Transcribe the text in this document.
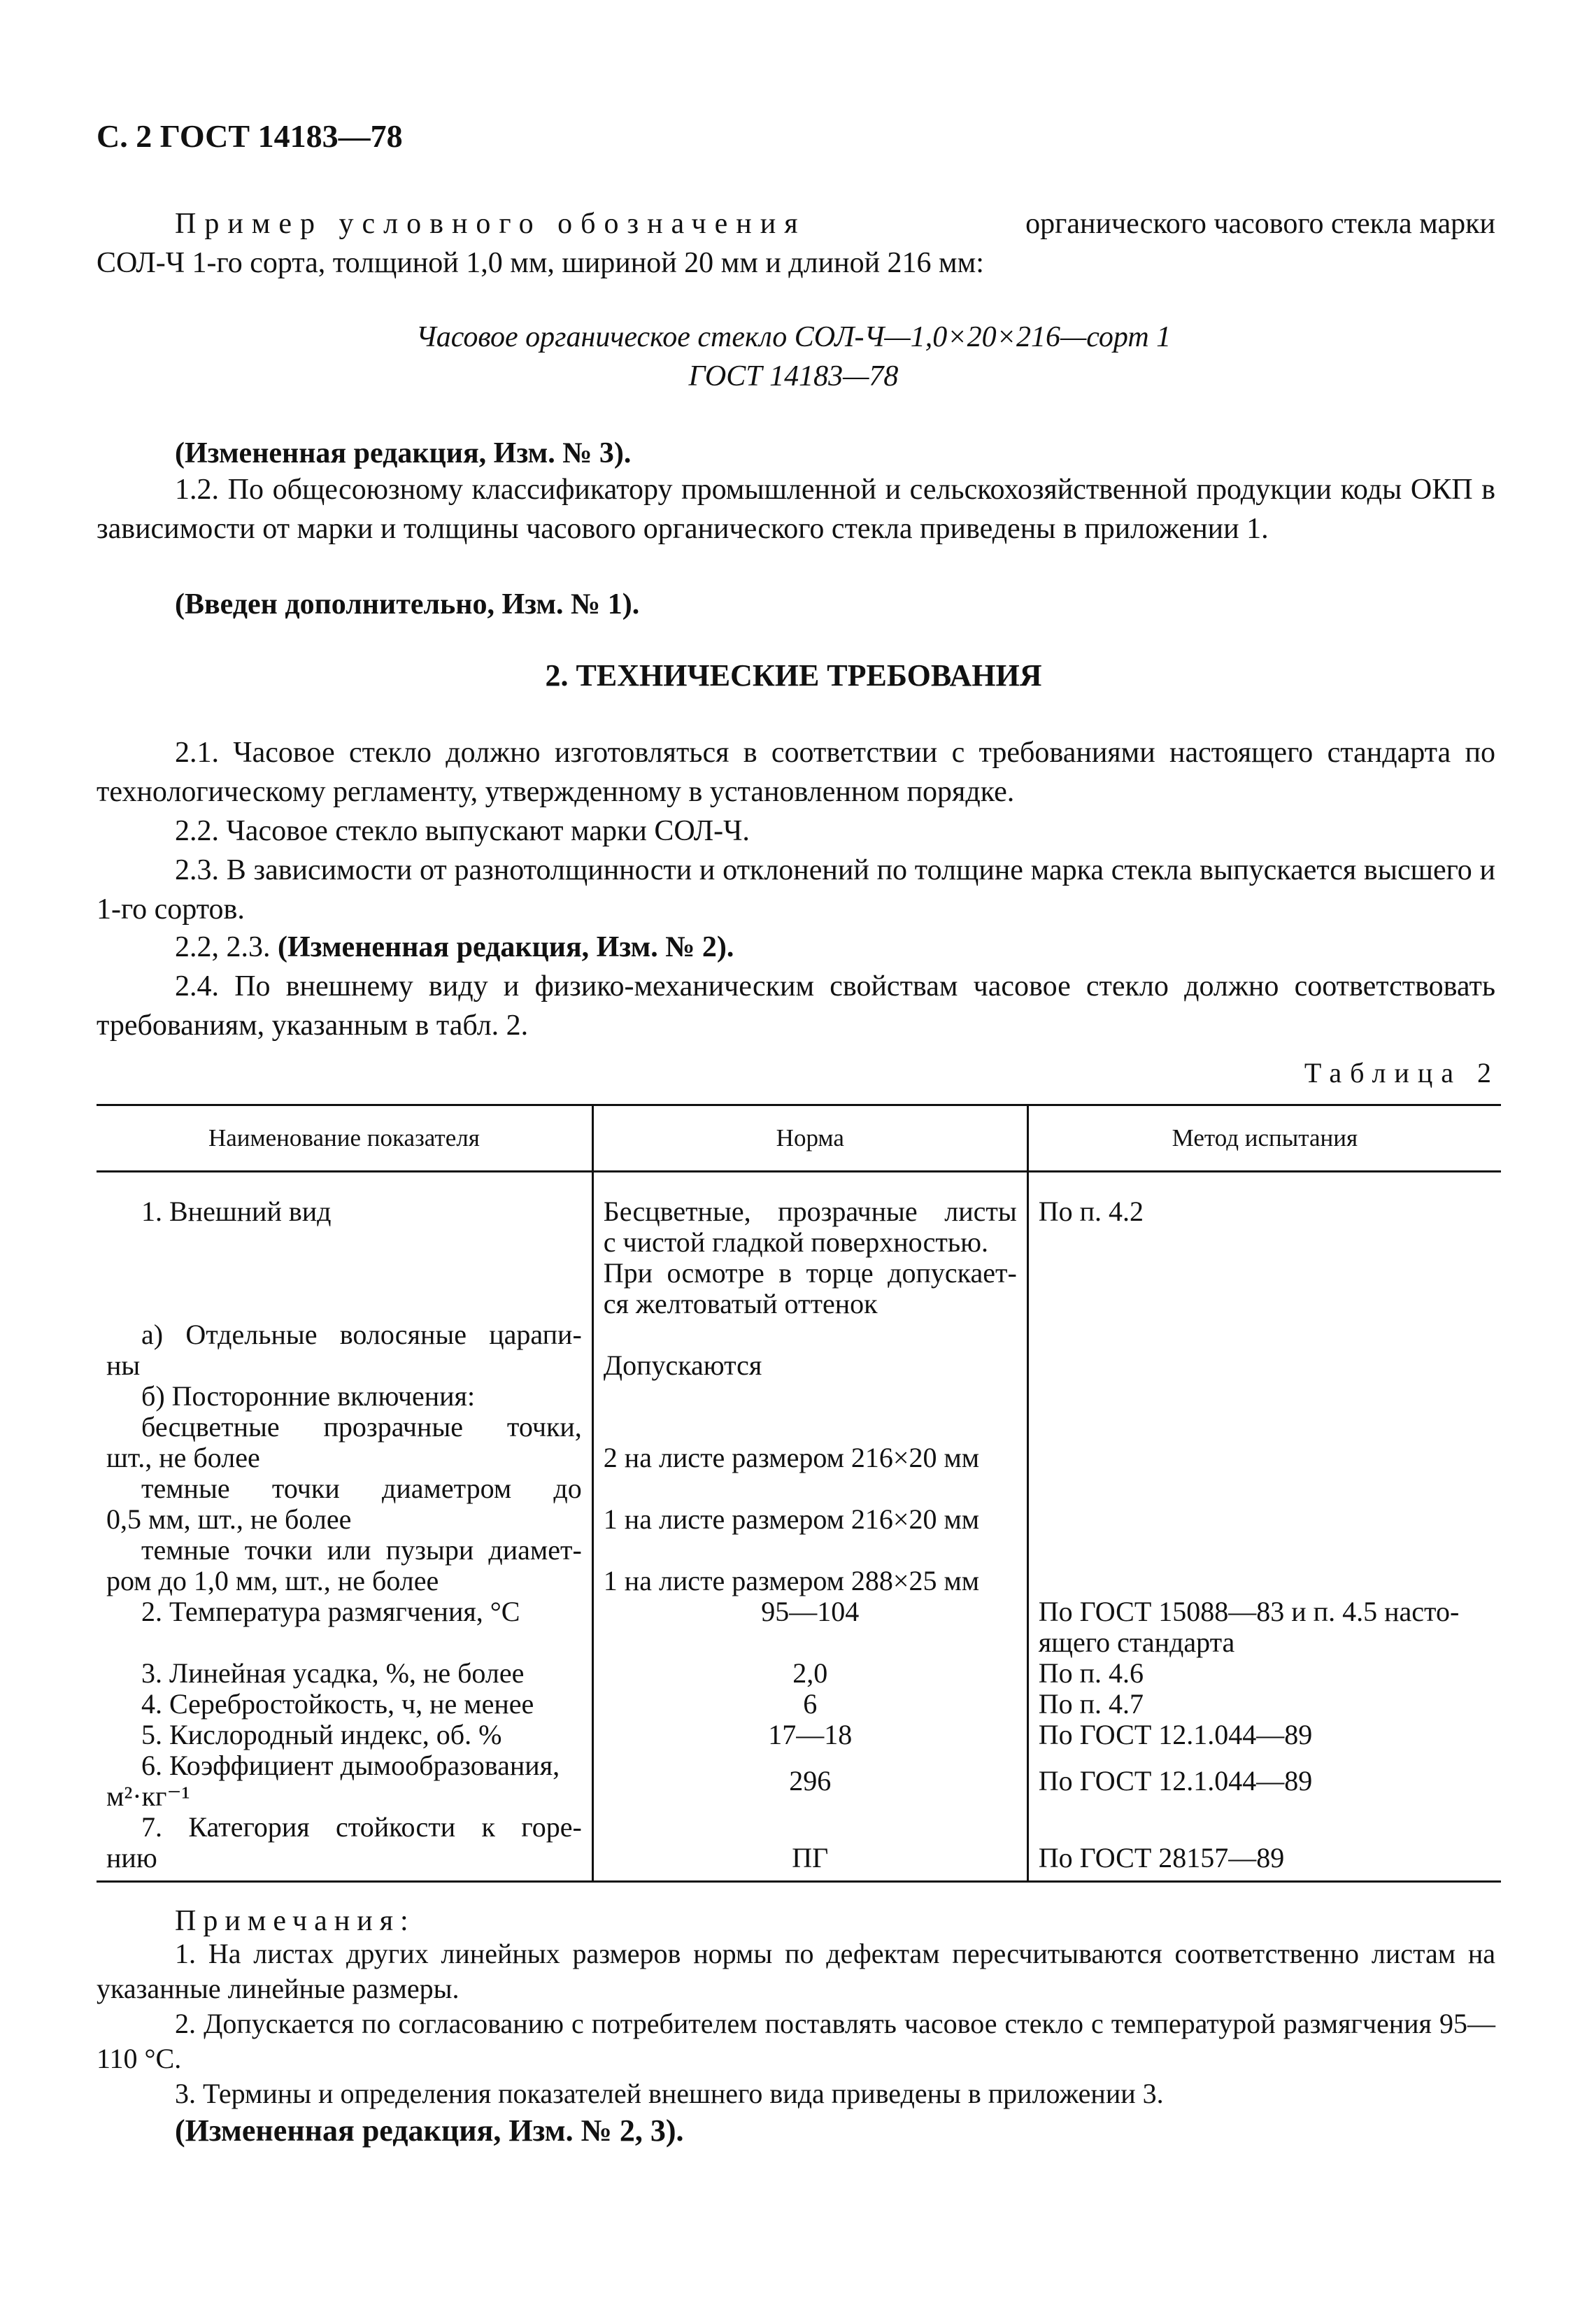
С. 2 ГОСТ 14183—78
Пример условного обозначения	органического часового стекла марки
СОЛ-Ч 1-го сорта, толщиной 1,0 мм, шириной 20 мм и длиной 216 мм:
Часовое органическое стекло СОЛ-Ч—1,0×20×216—сорт 1
ГОСТ 14183—78
(Измененная редакция, Изм. № 3).
1.2. По общесоюзному классификатору промышленной и сельскохозяйственной продукции коды ОКП в зависимости от марки и толщины часового органического стекла приведены в приложении 1.
(Введен дополнительно, Изм. № 1).
2. ТЕХНИЧЕСКИЕ ТРЕБОВАНИЯ
2.1. Часовое стекло должно изготовляться в соответствии с требованиями настоящего стандарта по технологическому регламенту, утвержденному в установленном порядке.
2.2. Часовое стекло выпускают марки СОЛ-Ч.
2.3. В зависимости от разнотолщинности и отклонений по толщине марка стекла выпускается высшего и 1-го сортов.
2.2, 2.3. (Измененная редакция, Изм. № 2).
2.4. По внешнему виду и физико-механическим свойствам часовое стекло должно соответствовать требованиям, указанным в табл. 2.
Таблица 2
Наименование показателя	Норма	Метод испытания

1. Внешний вид	Бесцветные, прозрачные листы
с чистой гладкой поверхностью.
При осмотре в торце допускает-
ся желтоватый оттенок	По п. 4.2

а) Отдельные волосяные царапи-
ны	Допускаются	

б) Посторонние включения:		

бесцветные прозрачные точки,
шт., не более	2 на листе размером 216×20 мм	

темные точки диаметром до
0,5 мм, шт., не более	1 на листе размером 216×20 мм	

темные точки или пузыри диамет-
ром до 1,0 мм, шт., не более	1 на листе размером 288×25 мм	

2. Температура размягчения, °С	95—104	По ГОСТ 15088—83 и п. 4.5 насто-
ящего стандарта

3. Линейная усадка, %, не более	2,0	По п. 4.6

4. Серебростойкость, ч, не менее	6	По п. 4.7

5. Кислородный индекс, об. %	17—18	По ГОСТ 12.1.044—89

6. Коэффициент дымообразования,
м²·кг⁻¹	296	По ГОСТ 12.1.044—89

7. Категория стойкости к горе-
нию	ПГ	По ГОСТ 28157—89
Примечания:
1. На листах других линейных размеров нормы по дефектам пересчитываются соответственно листам на указанные линейные размеры.
2. Допускается по согласованию с потребителем поставлять часовое стекло с температурой размягчения 95—110 °С.
3. Термины и определения показателей внешнего вида приведены в приложении 3.
(Измененная редакция, Изм. № 2, 3).
